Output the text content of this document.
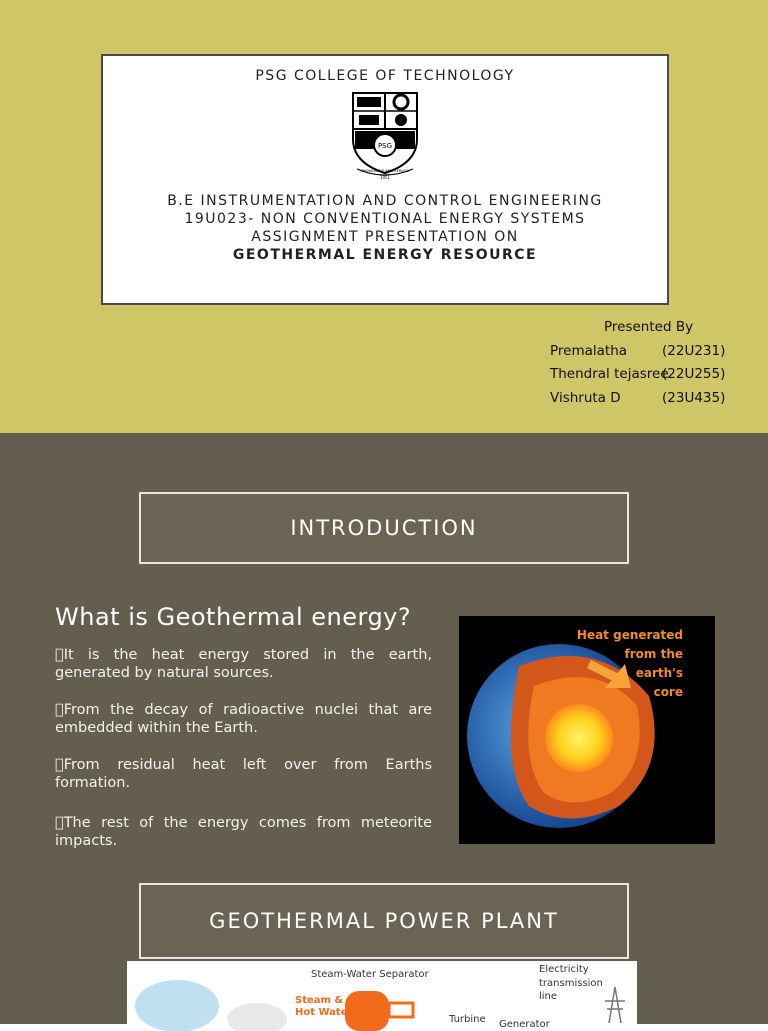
PSG COLLEGE OF TECHNOLOGY
PSG
KNOWLEDGE AND SERVICE
1951
B.E INSTRUMENTATION AND CONTROL ENGINEERING
19U023- NON CONVENTIONAL ENERGY SYSTEMS
ASSIGNMENT PRESENTATION ON
GEOTHERMAL ENERGY RESOURCE
Presented By
Premalatha	(22U231)
Thendral tejasree(22U255)
Vishruta D	(23U435)
INTRODUCTION
What is Geothermal energy?
It is the heat energy stored in the earth, generated by natural sources.
From the decay of radioactive nuclei that are embedded within the Earth.
From residual heat left over from Earths formation.
The rest of the energy comes from meteorite impacts.
Heat generated
from the
earth's
core
GEOTHERMAL POWER PLANT
Steam-Water Separator
Steam &
Hot Water
Electricity
transmission
line
Turbine Generator
